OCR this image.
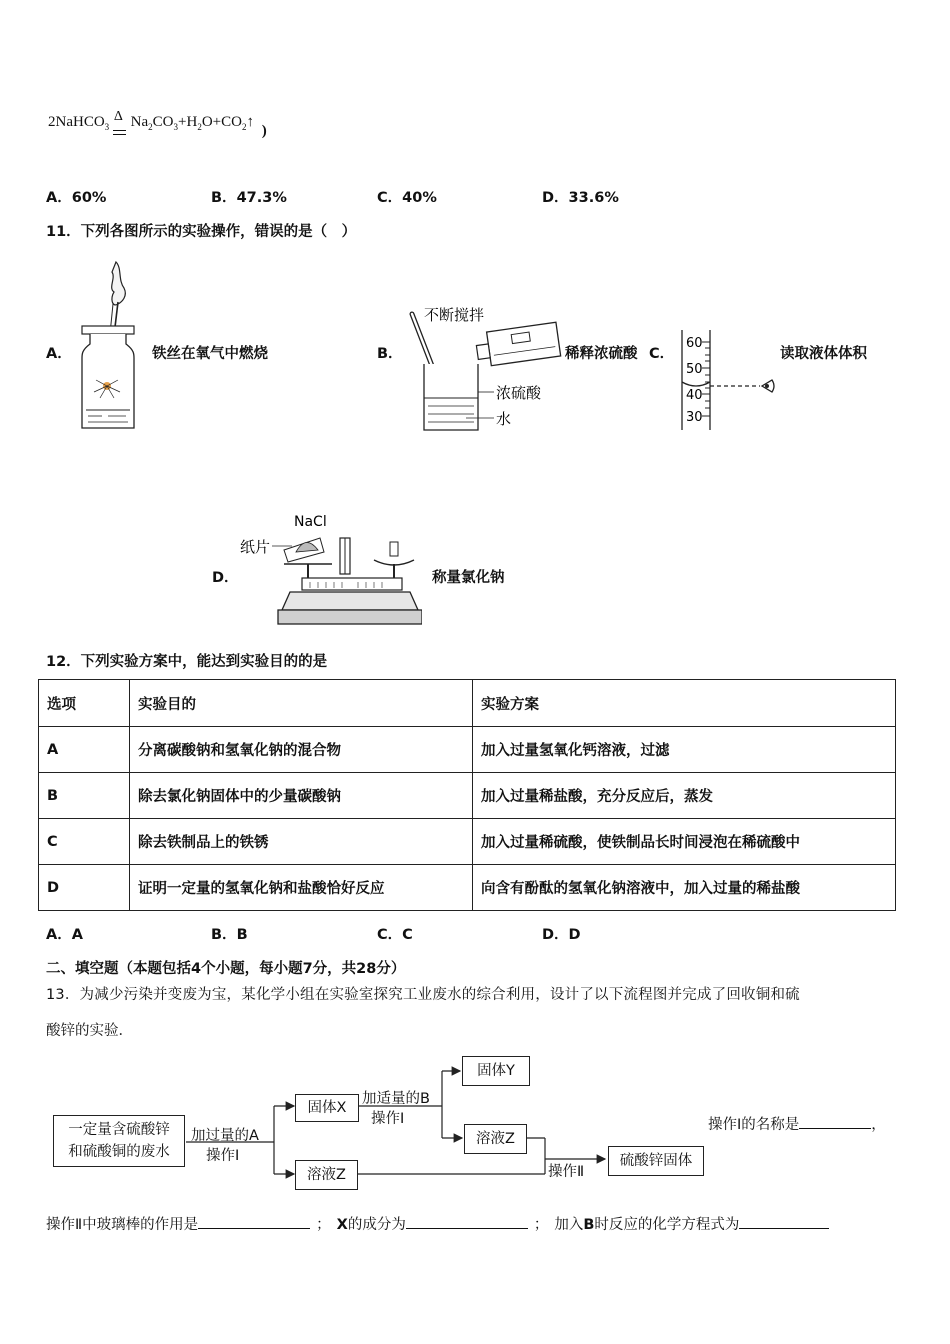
2NaHCO$_3$
Δ $Na_2CO_3+H_2O+CO_2↑$ )
A．60%	B．47.3%	C．40%	D．33.6%
11．下列各图所示的实验操作，错误的是（　）
A．	铁丝在氧气中燃烧	B．
不断搅拌
浓硫酸
水
稀释浓硫酸 C．
60
50
40
30
读取液体体积
D．
NaCl
纸片
称量氯化钠
12．下列实验方案中，能达到实验目的的是
选项	实验目的	实验方案
A	分离碳酸钠和氢氧化钠的混合物	加入过量氢氧化钙溶液，过滤
B	除去氯化钠固体中的少量碳酸钠	加入过量稀盐酸，充分反应后，蒸发
C	除去铁制品上的铁锈	加入过量稀硫酸，使铁制品长时间浸泡在稀硫酸中
D	证明一定量的氢氧化钠和盐酸恰好反应	向含有酚酞的氢氧化钠溶液中，加入过量的稀盐酸
A．A	B．B	C．C	D．D
二、填空题（本题包括4个小题，每小题7分，共28分）
13．为减少污染并变废为宝，某化学小组在实验室探究工业废水的综合利用，设计了以下流程图并完成了回收铜和硫
酸锌的实验．
一定量含硫酸锌
和硫酸铜的废水
加过量的A
操作Ⅰ
固体X
加适量的B
操作Ⅰ
固体Y
溶液Z
溶液Z	操作Ⅱ
硫酸锌固体
操作Ⅰ的名称是	，
操作Ⅱ中玻璃棒的作用是	； X的成分为	； 加入B时反应的化学方程式为
